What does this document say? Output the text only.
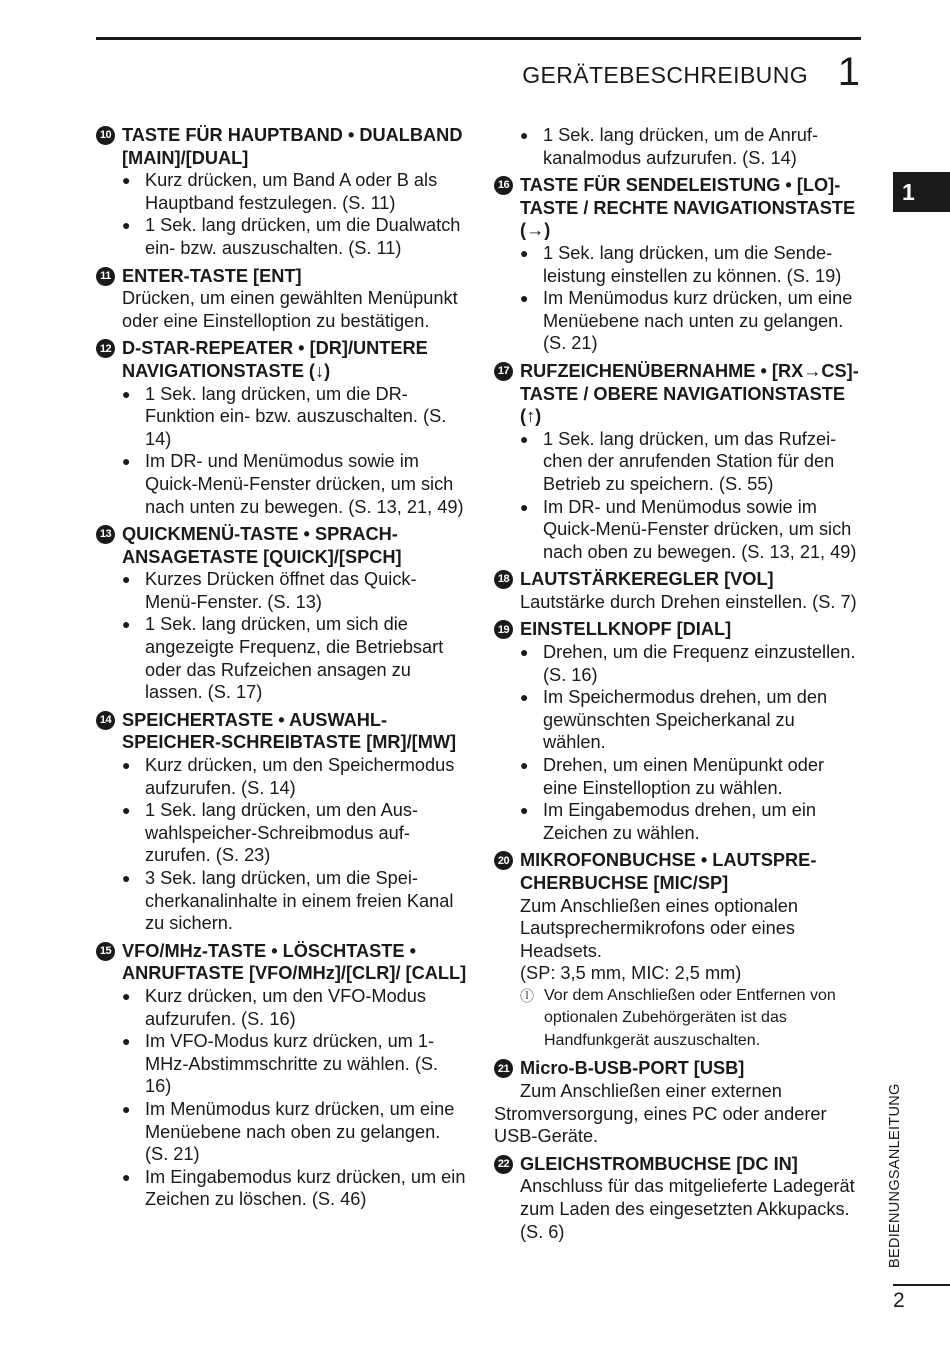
GERÄTEBESCHREIBUNG 1
1
BEDIENUNGSANLEITUNG
2
10 TASTE FÜR HAUPTBAND • DUALBAND [MAIN]/[DUAL]
● Kurz drücken, um Band A oder B als Hauptband festzulegen. (S. 11)
● 1 Sek. lang drücken, um die Dualwatch ein- bzw. auszuschalten. (S. 11)
11 ENTER-TASTE [ENT]
Drücken, um einen gewählten Menüpunkt oder eine Einstelloption zu bestätigen.
12 D-STAR-REPEATER • [DR]/UNTERE NAVIGATIONSTASTE (↓)
● 1 Sek. lang drücken, um die DR-Funktion ein- bzw. auszuschalten. (S. 14)
● Im DR- und Menümodus sowie im Quick-Menü-Fenster drücken, um sich nach unten zu bewegen. (S. 13, 21, 49)
13 QUICKMENÜ-TASTE • SPRACHANSAGETASTE [QUICK]/[SPCH]
● Kurzes Drücken öffnet das Quick-Menü-Fenster. (S. 13)
● 1 Sek. lang drücken, um sich die angezeigte Frequenz, die Betriebsart oder das Rufzeichen ansagen zu lassen. (S. 17)
14 SPEICHERTASTE • AUSWAHLSPEICHER-SCHREIBTASTE [MR]/[MW]
● Kurz drücken, um den Speichermodus aufzurufen. (S. 14)
● 1 Sek. lang drücken, um den Auswahlspeicher-Schreibmodus aufzurufen. (S. 23)
● 3 Sek. lang drücken, um die Speicherkanalinhalte in einem freien Kanal zu sichern.
15 VFO/MHz-TASTE • LÖSCHTASTE • ANRUFTASTE [VFO/MHz]/[CLR]/ [CALL]
● Kurz drücken, um den VFO-Modus aufzurufen. (S. 16)
● Im VFO-Modus kurz drücken, um 1-MHz-Abstimmschritte zu wählen. (S. 16)
● Im Menümodus kurz drücken, um eine Menüebene nach oben zu gelangen. (S. 21)
● Im Eingabemodus kurz drücken, um ein Zeichen zu löschen. (S. 46)
● 1 Sek. lang drücken, um de Anrufkanalmodus aufzurufen. (S. 14)
16 TASTE FÜR SENDELEISTUNG • [LO]-TASTE / RECHTE NAVIGATIONSTASTE (→)
● 1 Sek. lang drücken, um die Sendeleistung einstellen zu können. (S. 19)
● Im Menümodus kurz drücken, um eine Menüebene nach unten zu gelangen. (S. 21)
17 RUFZEICHENÜBERNAHME • [RX→CS]-TASTE / OBERE NAVIGATIONSTASTE (↑)
● 1 Sek. lang drücken, um das Rufzeichen der anrufenden Station für den Betrieb zu speichern. (S. 55)
● Im DR- und Menümodus sowie im Quick-Menü-Fenster drücken, um sich nach oben zu bewegen. (S. 13, 21, 49)
18 LAUTSTÄRKEREGLER [VOL]
Lautstärke durch Drehen einstellen. (S. 7)
19 EINSTELLKNOPF [DIAL]
● Drehen, um die Frequenz einzustellen. (S. 16)
● Im Speichermodus drehen, um den gewünschten Speicherkanal zu wählen.
● Drehen, um einen Menüpunkt oder eine Einstelloption zu wählen.
● Im Eingabemodus drehen, um ein Zeichen zu wählen.
20 MIKROFONBUCHSE • LAUTSPRECHERBUCHSE [MIC/SP]
Zum Anschließen eines optionalen Lautsprechermikrofons oder eines Headsets.
(SP: 3,5 mm, MIC: 2,5 mm)
ⓛ Vor dem Anschließen oder Entfernen von optionalen Zubehörgeräten ist das Handfunkgerät auszuschalten.
21 Micro-B-USB-PORT [USB]
Zum Anschließen einer externen Stromversorgung, eines PC oder anderer USB-Geräte.
22 GLEICHSTROMBUCHSE [DC IN]
Anschluss für das mitgelieferte Ladegerät zum Laden des eingesetzten Akkupacks. (S. 6)
